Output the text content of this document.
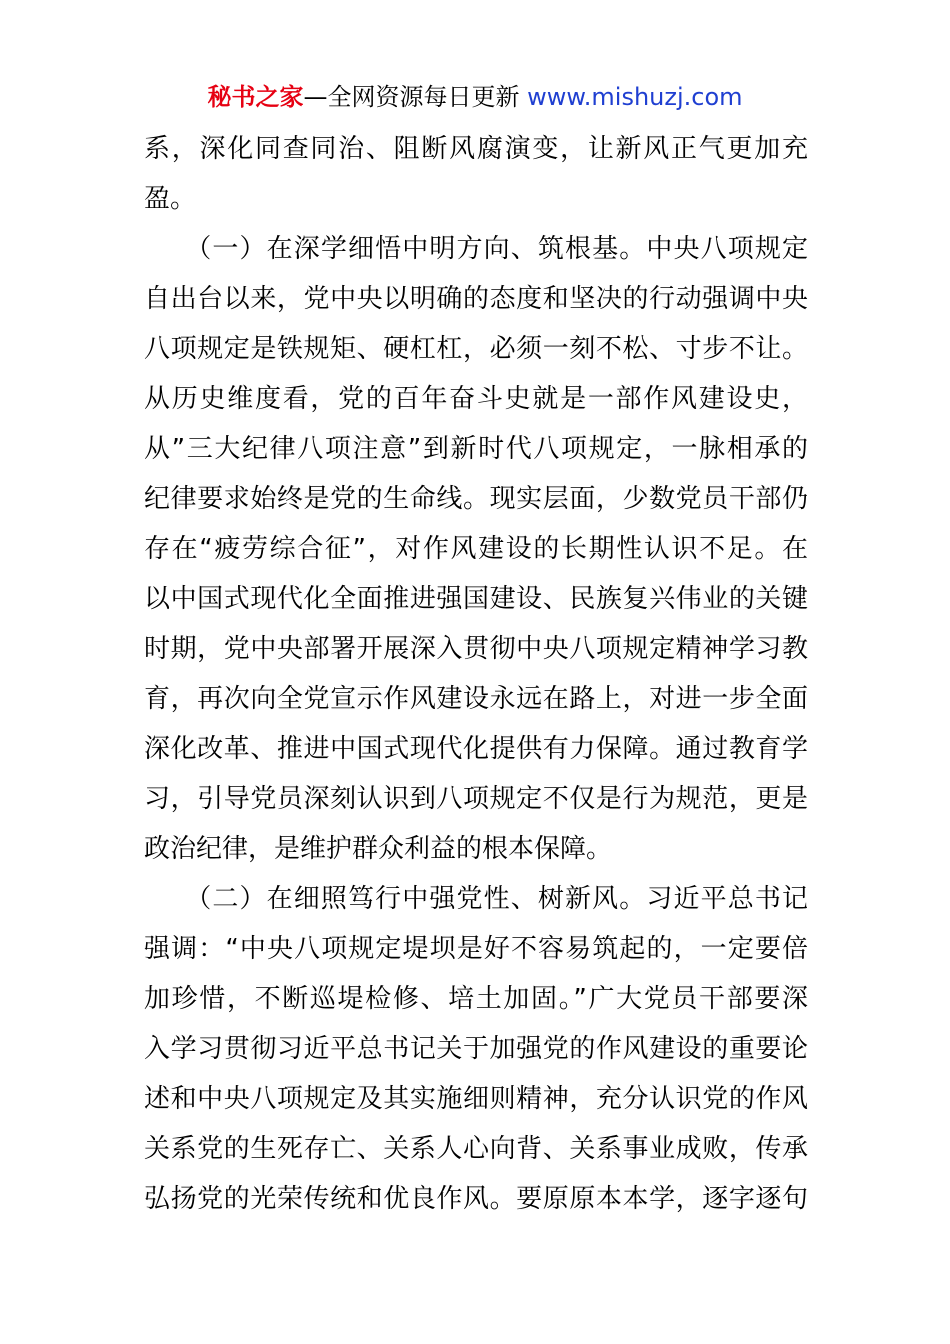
秘书之家—全网资源每日更新 www.mishuzj.com
系，深化同查同治、阻断风腐演变，让新风正气更加充
盈。
　　（一）在深学细悟中明方向、筑根基。中央八项规定
自出台以来，党中央以明确的态度和坚决的行动强调中央
八项规定是铁规矩、硬杠杠，必须一刻不松、寸步不让。
从历史维度看，党的百年奋斗史就是一部作风建设史，
从”三大纪律八项注意”到新时代八项规定，一脉相承的
纪律要求始终是党的生命线。现实层面，少数党员干部仍
存在“疲劳综合征”，对作风建设的长期性认识不足。在
以中国式现代化全面推进强国建设、民族复兴伟业的关键
时期，党中央部署开展深入贯彻中央八项规定精神学习教
育，再次向全党宣示作风建设永远在路上，对进一步全面
深化改革、推进中国式现代化提供有力保障。通过教育学
习，引导党员深刻认识到八项规定不仅是行为规范，更是
政治纪律，是维护群众利益的根本保障。
　　（二）在细照笃行中强党性、树新风。习近平总书记
强调：“中央八项规定堤坝是好不容易筑起的，一定要倍
加珍惜，不断巡堤检修、培土加固。”广大党员干部要深
入学习贯彻习近平总书记关于加强党的作风建设的重要论
述和中央八项规定及其实施细则精神，充分认识党的作风
关系党的生死存亡、关系人心向背、关系事业成败，传承
弘扬党的光荣传统和优良作风。要原原本本学，逐字逐句
